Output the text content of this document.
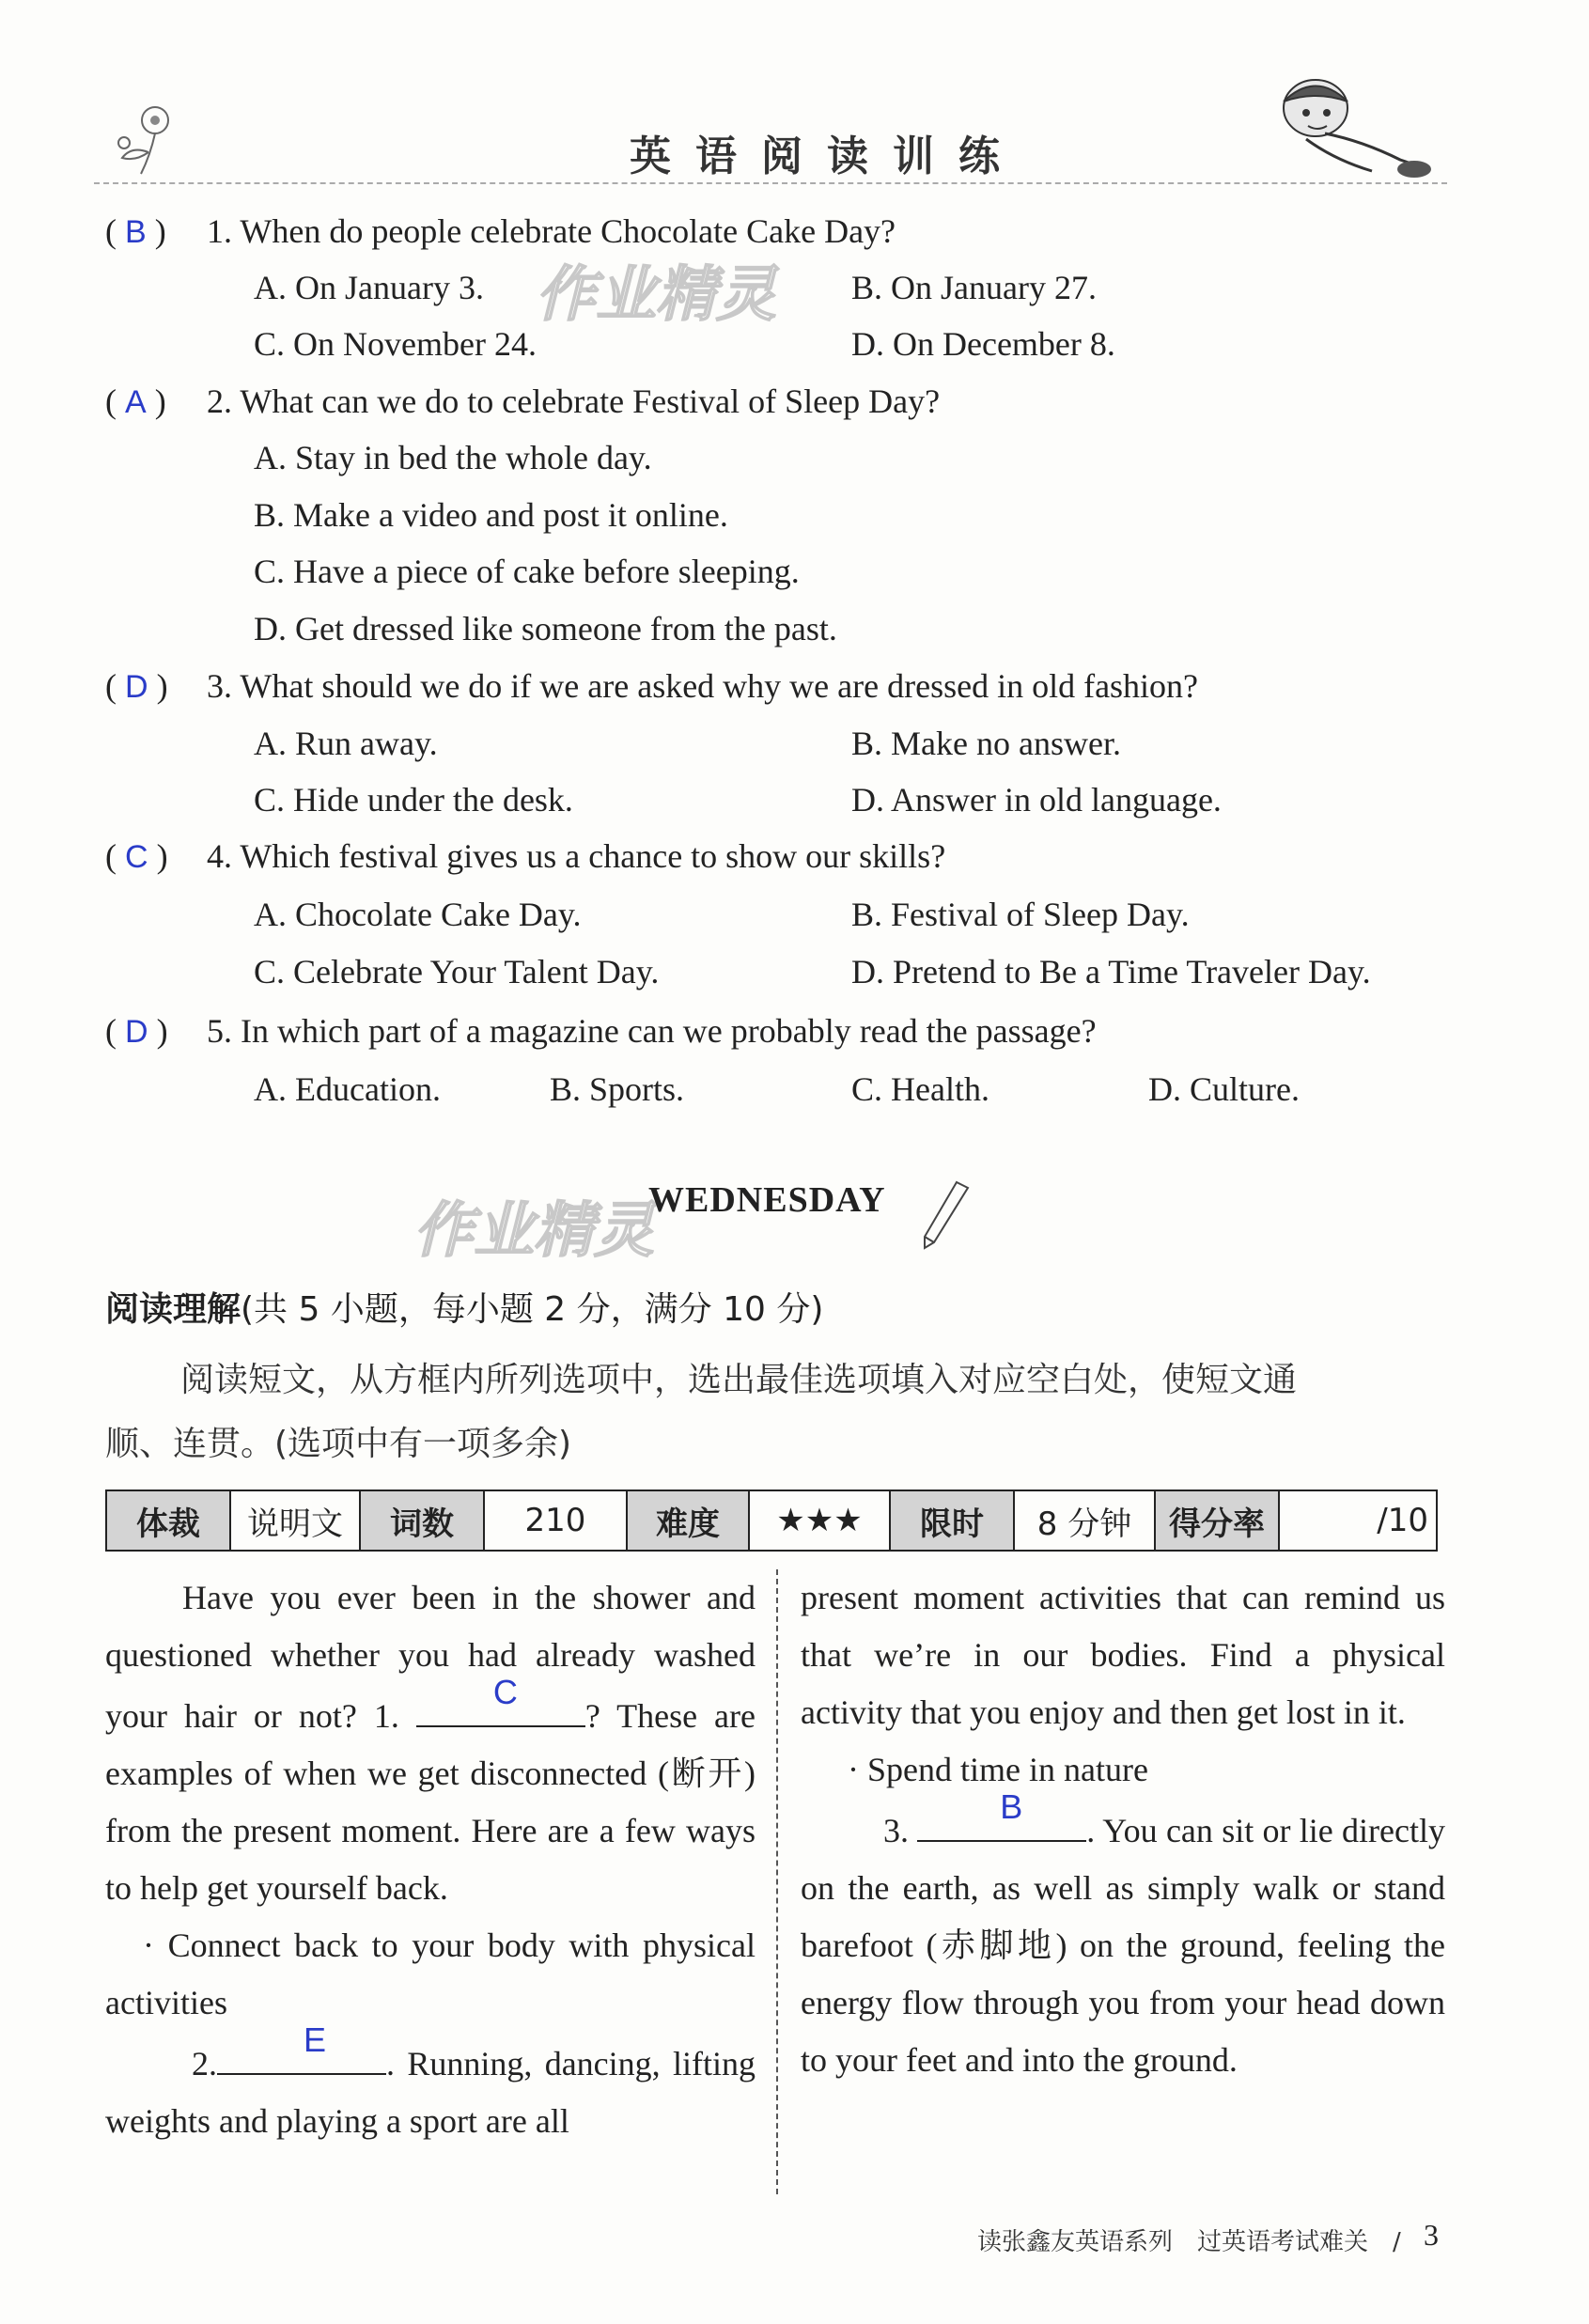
英语阅读训练
( B ) 1. When do people celebrate Chocolate Cake Day?
A. On January 3.	B. On January 27.
C. On November 24.	D. On December 8.
作业精灵
( A ) 2. What can we do to celebrate Festival of Sleep Day?
A. Stay in bed the whole day.
B. Make a video and post it online.
C. Have a piece of cake before sleeping.
D. Get dressed like someone from the past.
( D ) 3. What should we do if we are asked why we are dressed in old fashion?
A. Run away.	B. Make no answer.
C. Hide under the desk.	D. Answer in old language.
( C ) 4. Which festival gives us a chance to show our skills?
A. Chocolate Cake Day.	B. Festival of Sleep Day.
C. Celebrate Your Talent Day.	D. Pretend to Be a Time Traveler Day.
( D ) 5. In which part of a magazine can we probably read the passage?
A. Education.	B. Sports.	C. Health.	D. Culture.
作业精灵
WEDNESDAY
阅读理解(共 5 小题，每小题 2 分，满分 10 分)
阅读短文，从方框内所列选项中，选出最佳选项填入对应空白处，使短文通
顺、连贯。(选项中有一项多余)
体裁	说明文	词数	210	难度	★★★	限时	8 分钟	得分率	/10

Have you ever been in the shower and questioned whether you had already washed your hair or not? 1.
C
? These are examples of when we get disconnected (断开) from the present moment. Here are a few ways to help get yourself back.

· Connect back to your body with physical activities

2.
E
. Running, dancing, lifting weights and playing a sport are all

present moment activities that can remind us that we’re in our bodies. Find a physical activity that you enjoy and then get lost in it.

· Spend time in nature

3.
B
. You can sit or lie directly on the earth, as well as simply walk or stand barefoot (赤脚地) on the ground, feeling the energy flow through you from your head down to your feet and into the ground.

读张鑫友英语系列　过英语考试难关　/ 3
